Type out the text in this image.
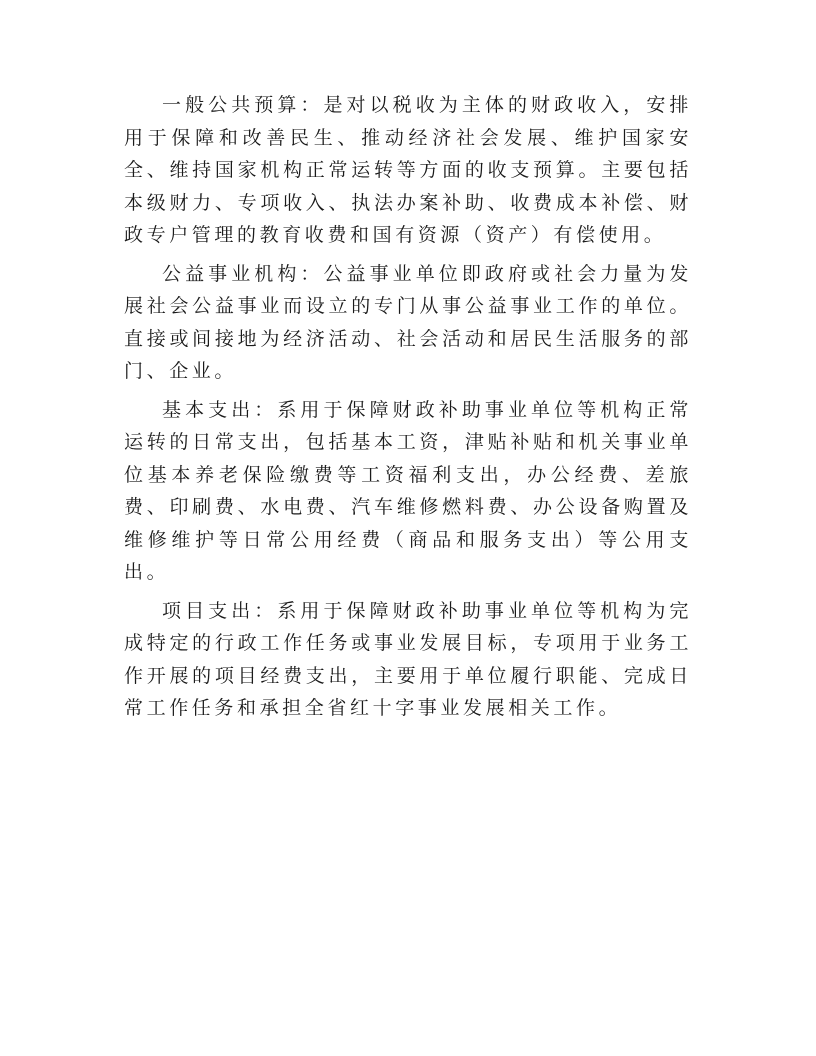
一般公共预算：是对以税收为主体的财政收入，安排用于保障和改善民生、推动经济社会发展、维护国家安全、维持国家机构正常运转等方面的收支预算。主要包括本级财力、专项收入、执法办案补助、收费成本补偿、财政专户管理的教育收费和国有资源（资产）有偿使用。

公益事业机构：公益事业单位即政府或社会力量为发展社会公益事业而设立的专门从事公益事业工作的单位。直接或间接地为经济活动、社会活动和居民生活服务的部门、企业。

基本支出：系用于保障财政补助事业单位等机构正常运转的日常支出，包括基本工资，津贴补贴和机关事业单位基本养老保险缴费等工资福利支出，办公经费、差旅费、印刷费、水电费、汽车维修燃料费、办公设备购置及维修维护等日常公用经费（商品和服务支出）等公用支出。

项目支出：系用于保障财政补助事业单位等机构为完成特定的行政工作任务或事业发展目标，专项用于业务工作开展的项目经费支出，主要用于单位履行职能、完成日常工作任务和承担全省红十字事业发展相关工作。
